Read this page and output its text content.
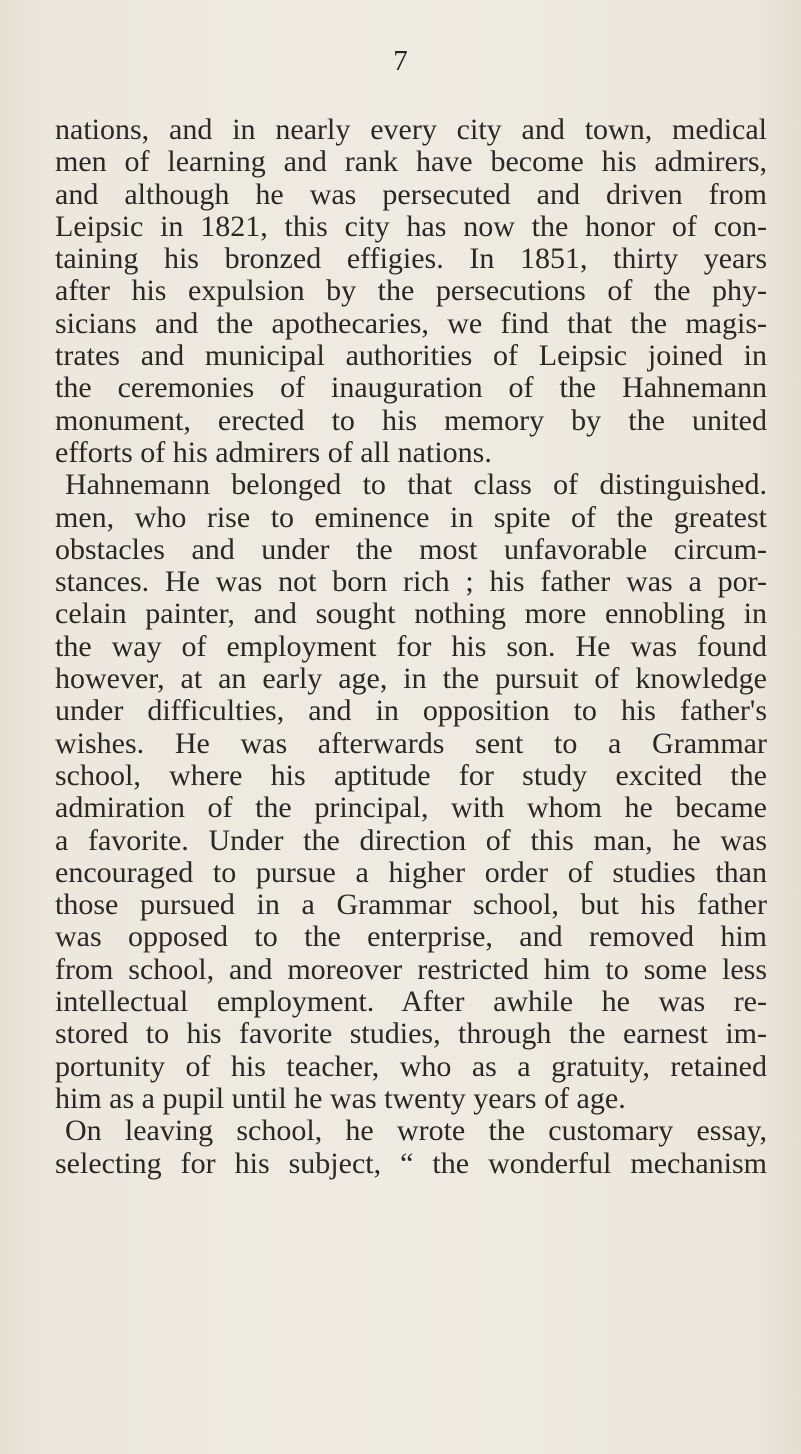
7
nations, and in nearly every city and town, medical
men of learning and rank have become his admirers,
and although he was persecuted and driven from
Leipsic in 1821, this city has now the honor of con-
taining his bronzed effigies. In 1851, thirty years
after his expulsion by the persecutions of the phy-
sicians and the apothecaries, we find that the magis-
trates and municipal authorities of Leipsic joined in
the ceremonies of inauguration of the Hahnemann
monument, erected to his memory by the united
efforts of his admirers of all nations.
Hahnemann belonged to that class of distinguished.
men, who rise to eminence in spite of the greatest
obstacles and under the most unfavorable circum-
stances. He was not born rich ; his father was a por-
celain painter, and sought nothing more ennobling in
the way of employment for his son. He was found
however, at an early age, in the pursuit of knowledge
under difficulties, and in opposition to his father's
wishes. He was afterwards sent to a Grammar
school, where his aptitude for study excited the
admiration of the principal, with whom he became
a favorite. Under the direction of this man, he was
encouraged to pursue a higher order of studies than
those pursued in a Grammar school, but his father
was opposed to the enterprise, and removed him
from school, and moreover restricted him to some less
intellectual employment. After awhile he was re-
stored to his favorite studies, through the earnest im-
portunity of his teacher, who as a gratuity, retained
him as a pupil until he was twenty years of age.
On leaving school, he wrote the customary essay,
selecting for his subject, “ the wonderful mechanism
